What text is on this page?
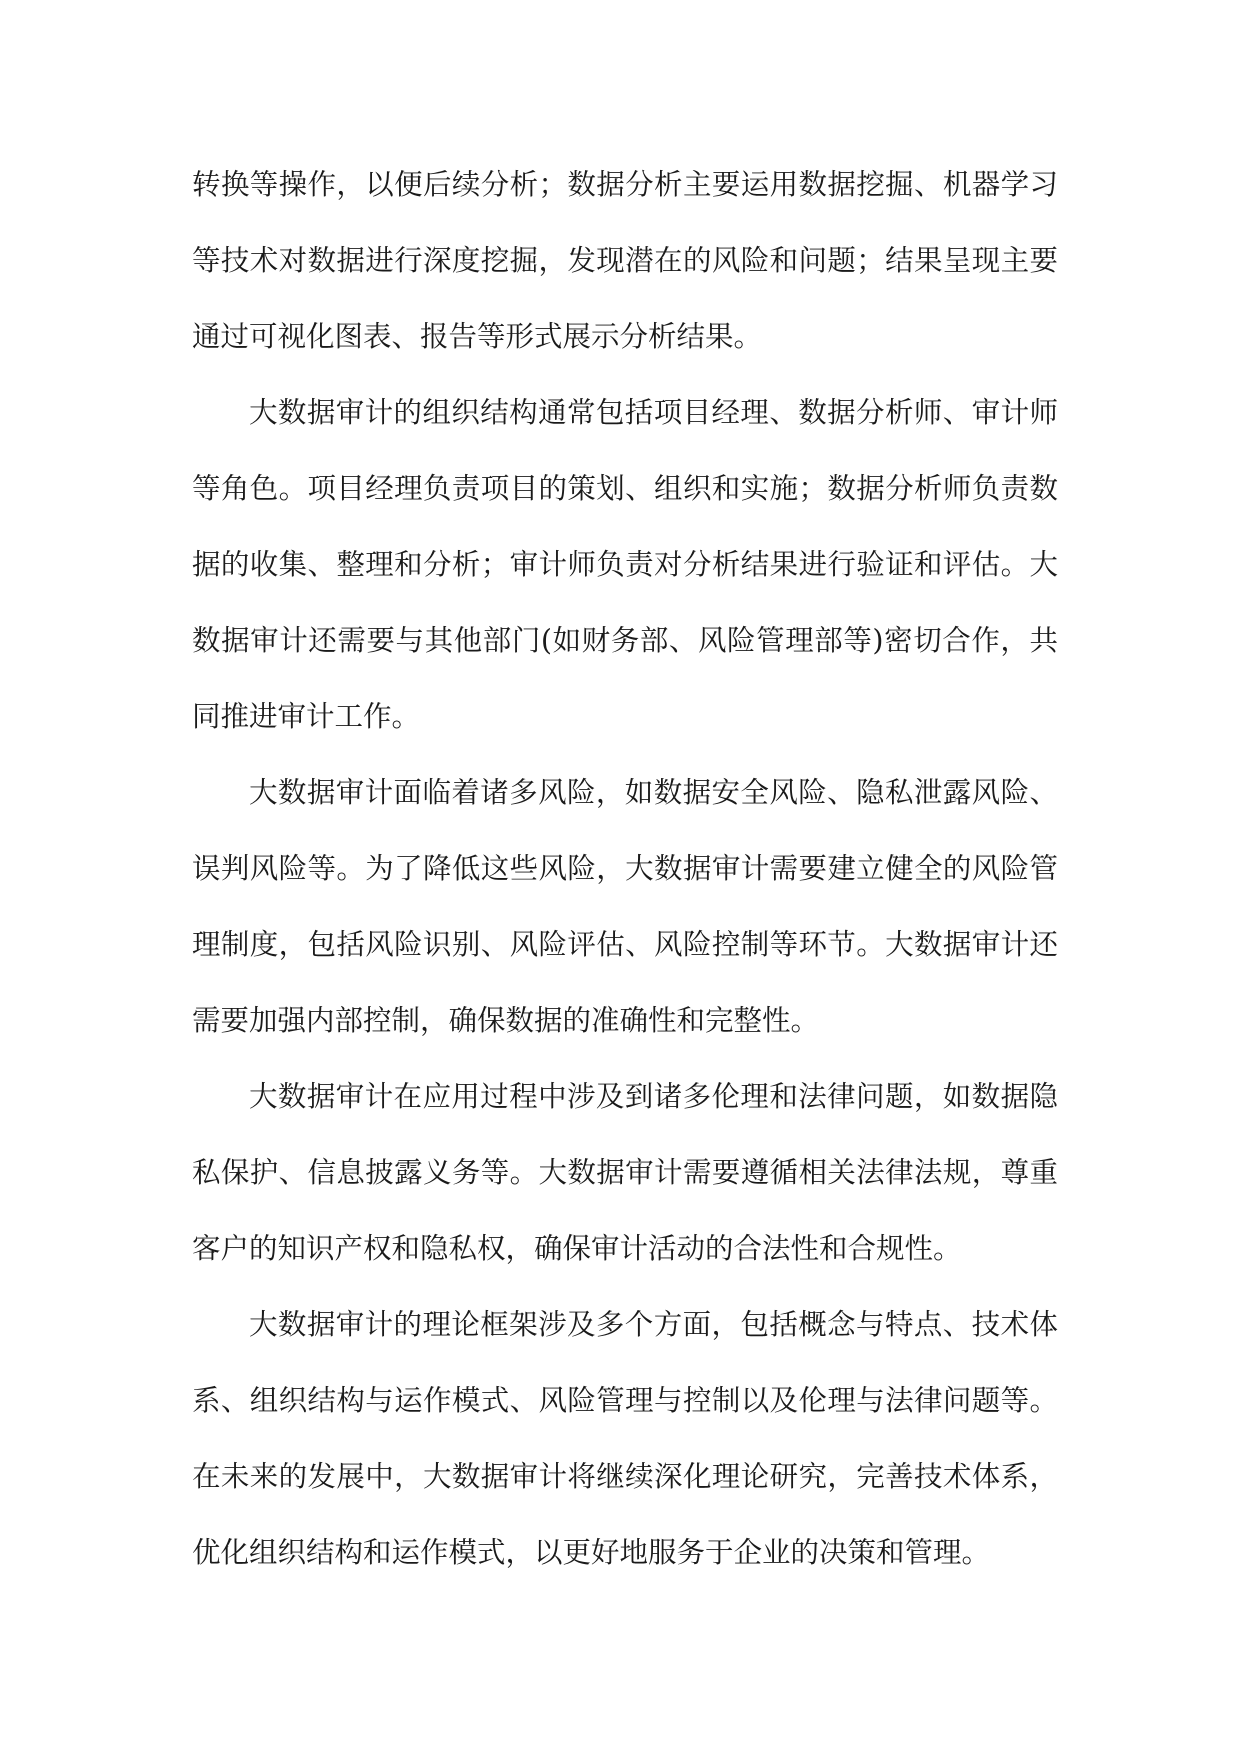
转换等操作，以便后续分析；数据分析主要运用数据挖掘、机器学习
等技术对数据进行深度挖掘，发现潜在的风险和问题；结果呈现主要
通过可视化图表、报告等形式展示分析结果。
大数据审计的组织结构通常包括项目经理、数据分析师、审计师
等角色。项目经理负责项目的策划、组织和实施；数据分析师负责数
据的收集、整理和分析；审计师负责对分析结果进行验证和评估。大
数据审计还需要与其他部门(如财务部、风险管理部等)密切合作，共
同推进审计工作。
大数据审计面临着诸多风险，如数据安全风险、隐私泄露风险、
误判风险等。为了降低这些风险，大数据审计需要建立健全的风险管
理制度，包括风险识别、风险评估、风险控制等环节。大数据审计还
需要加强内部控制，确保数据的准确性和完整性。
大数据审计在应用过程中涉及到诸多伦理和法律问题，如数据隐
私保护、信息披露义务等。大数据审计需要遵循相关法律法规，尊重
客户的知识产权和隐私权，确保审计活动的合法性和合规性。
大数据审计的理论框架涉及多个方面，包括概念与特点、技术体
系、组织结构与运作模式、风险管理与控制以及伦理与法律问题等。
在未来的发展中，大数据审计将继续深化理论研究，完善技术体系，
优化组织结构和运作模式，以更好地服务于企业的决策和管理。
